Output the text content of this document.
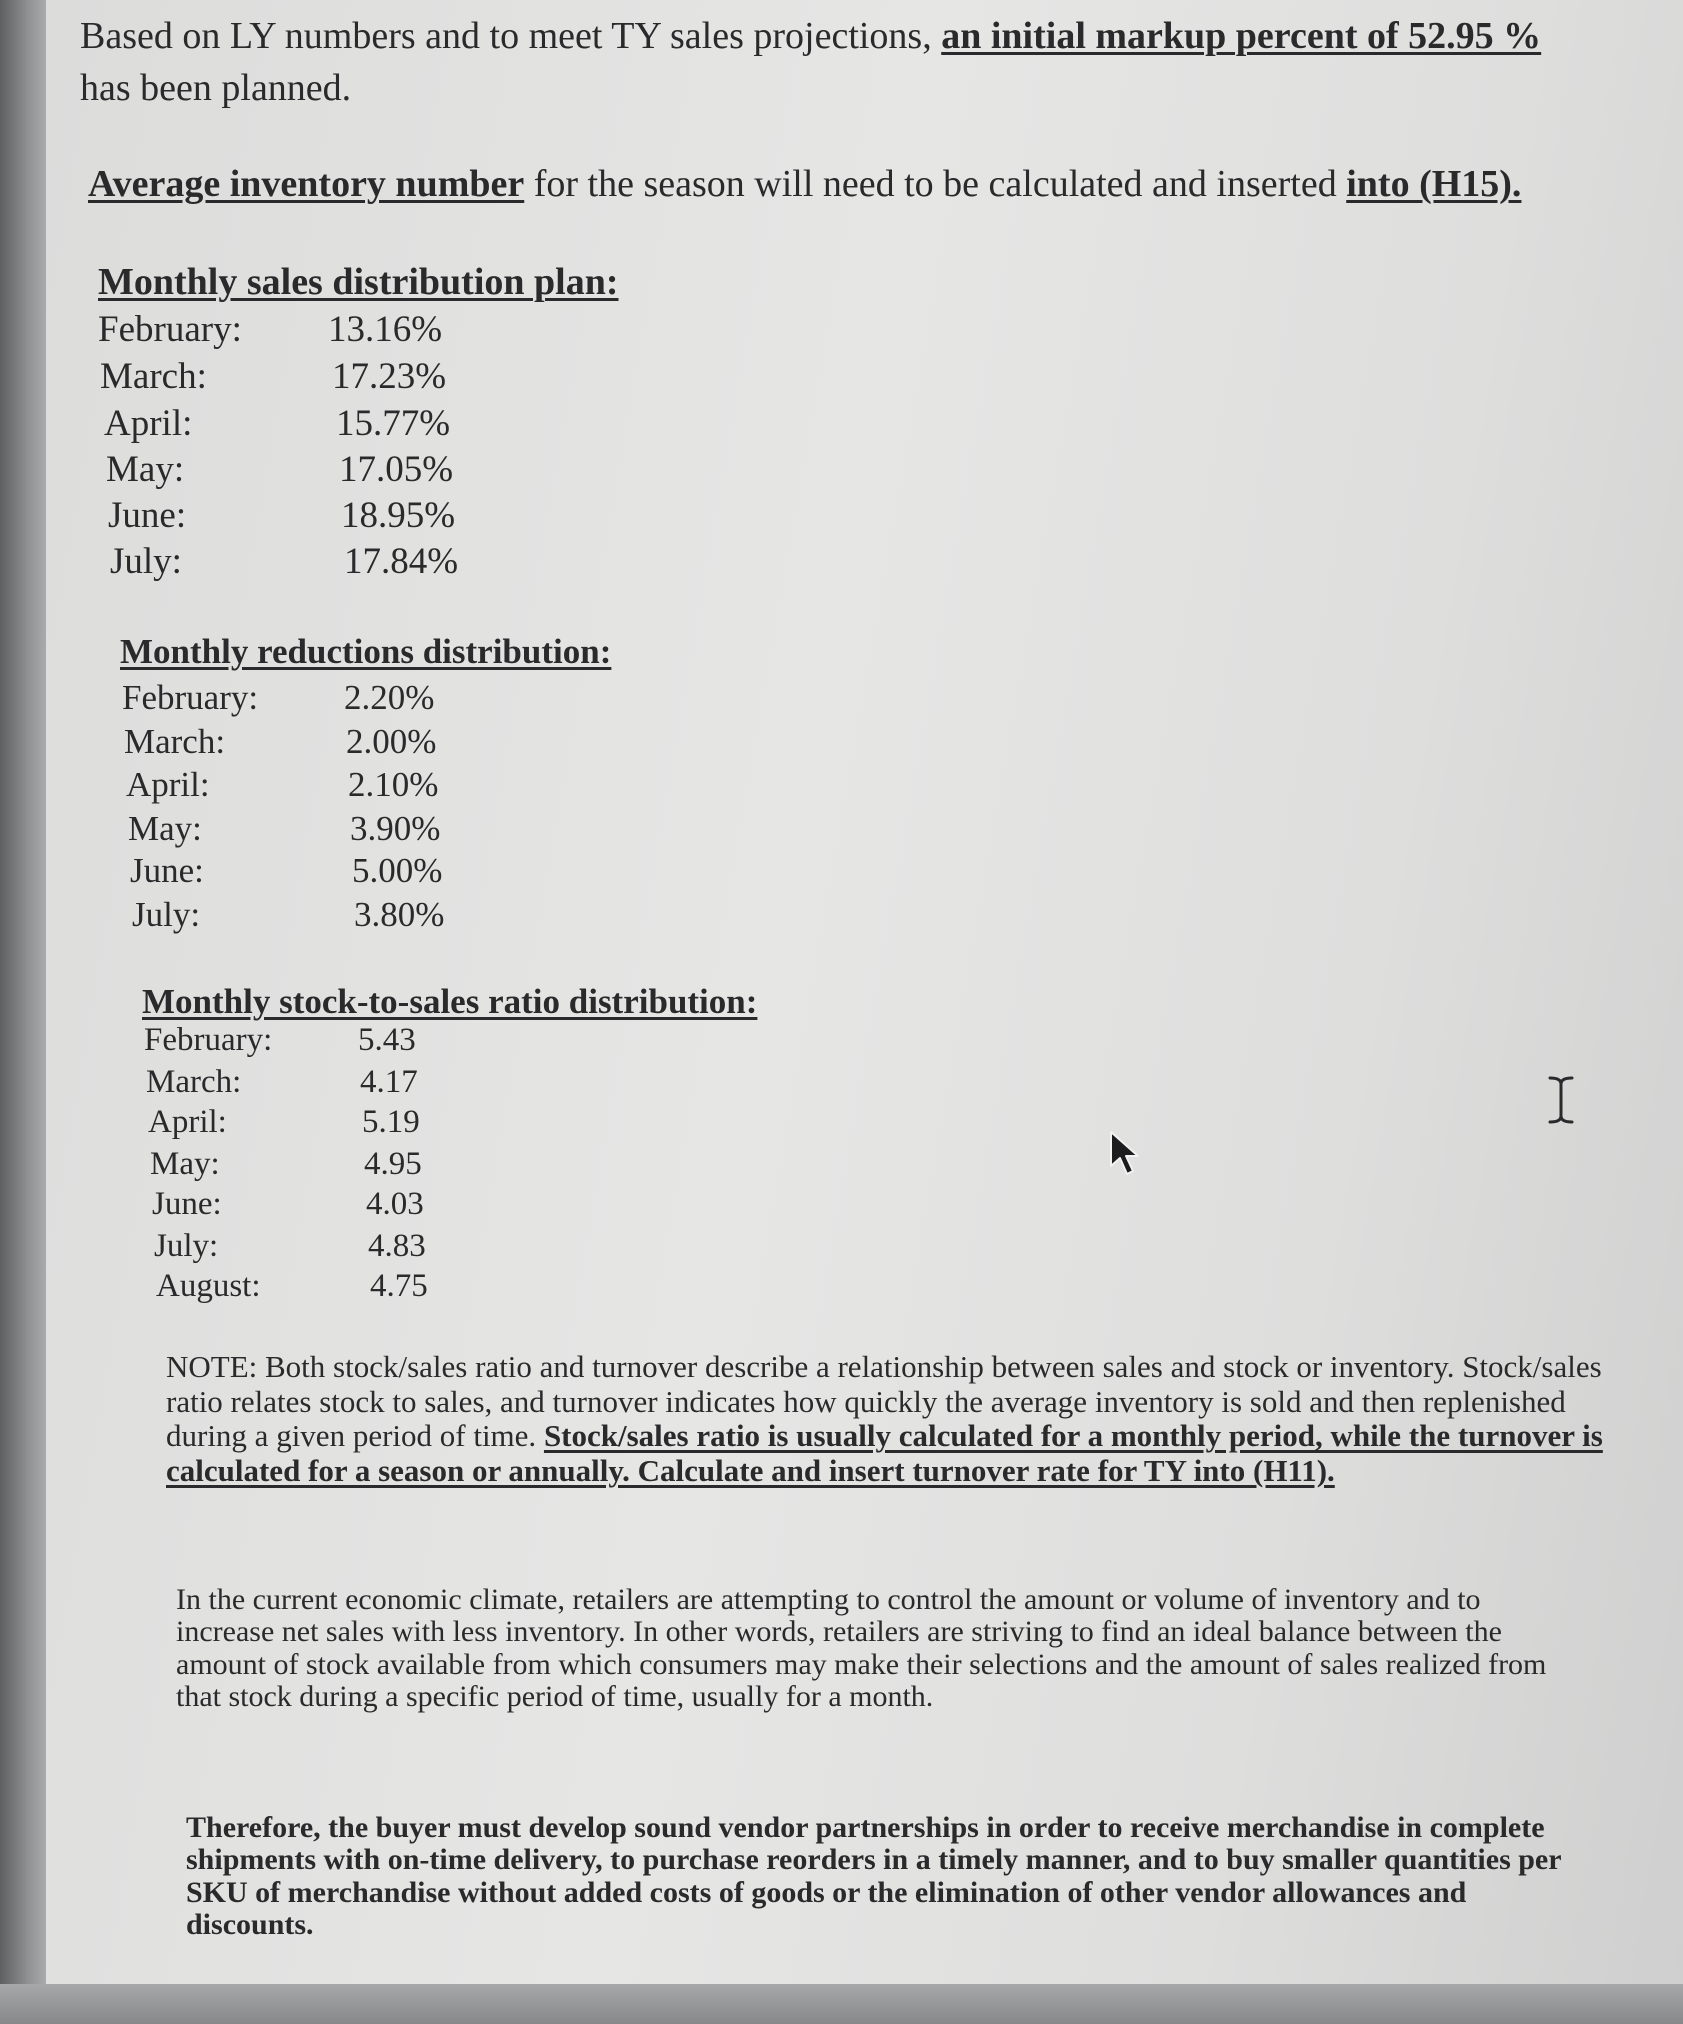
Based on LY numbers and to meet TY sales projections, an initial markup percent of 52.95 %
has been planned.
Average inventory number for the season will need to be calculated and inserted into (H15).
Monthly sales distribution plan:
February: 13.16%
March:	17.23%
April:	15.77%
May:	17.05%
June:	18.95%
July:	17.84%
Monthly reductions distribution:
February: 2.20%
March:	2.00%
April:	2.10%
May:	3.90%
June:	5.00%
July:	3.80%
Monthly stock-to-sales ratio distribution:
February:	5.43
March:	4.17
April:	5.19
May:	4.95
June:	4.03
July:	4.83
August:	4.75
NOTE: Both stock/sales ratio and turnover describe a relationship between sales and stock or inventory. Stock/sales ratio relates stock to sales, and turnover indicates how quickly the average inventory is sold and then replenished during a given period of time. Stock/sales ratio is usually calculated for a monthly period, while the turnover is calculated for a season or annually. Calculate and insert turnover rate for TY into (H11).
In the current economic climate, retailers are attempting to control the amount or volume of inventory and to increase net sales with less inventory. In other words, retailers are striving to find an ideal balance between the amount of stock available from which consumers may make their selections and the amount of sales realized from that stock during a specific period of time, usually for a month.
Therefore, the buyer must develop sound vendor partnerships in order to receive merchandise in complete shipments with on-time delivery, to purchase reorders in a timely manner, and to buy smaller quantities per SKU of merchandise without added costs of goods or the elimination of other vendor allowances and discounts.
